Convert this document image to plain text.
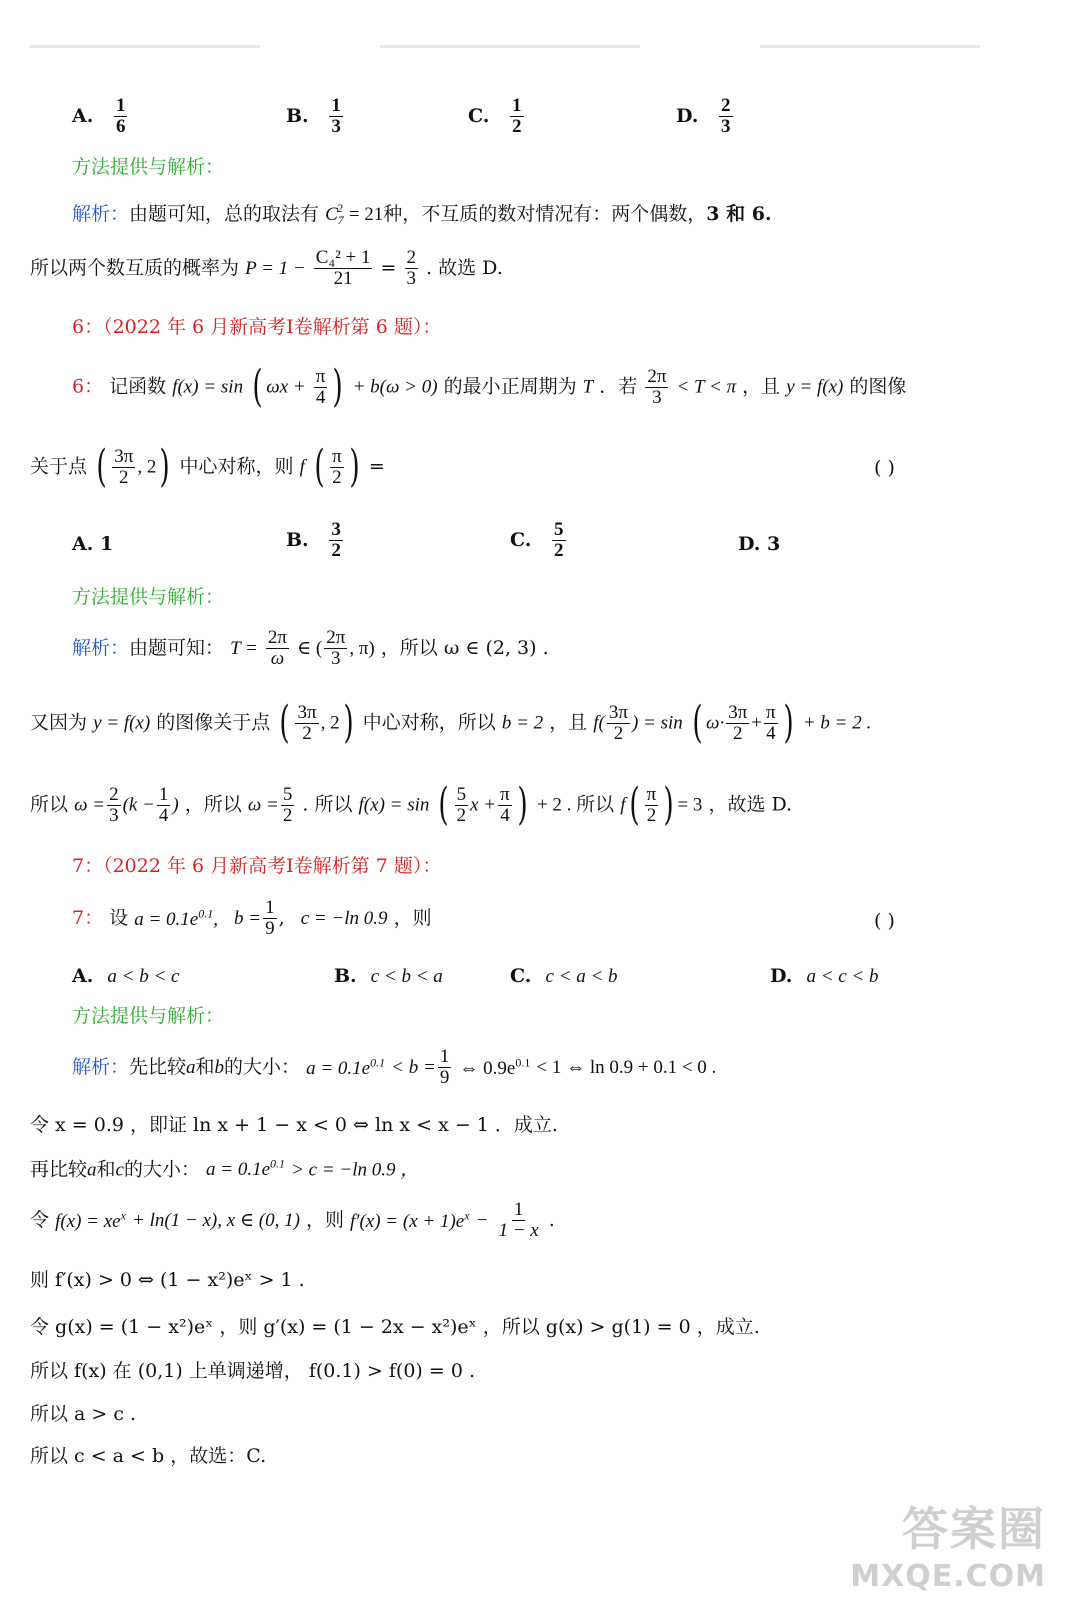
A. $\frac{1}{6}$	B. $\frac{1}{3}$	C. $\frac{1}{2}$	D. $\frac{2}{3}$
方法提供与解析：
解析：由题可知，总的取法有 $C_7^2 = 21$种，不互质的数对情况有：两个偶数，3 和 6.
所以两个数互质的概率为 $P = 1 - \frac{\text{C₄² + 1}}{21} = \frac{2}{3}$ . 故选 D.
6：（2022 年 6 月新高考Ⅰ卷解析第 6 题）：
6： 记函数 f(x) = sin ( $\omega x + \frac{\pi}{4}$ ) + b(ω > 0) 的最小正周期为 T ．若 $\frac{2\pi}{3} < T < \pi$ ，且 y = f(x) 的图像
关于点 ( $\frac{3\pi}{2}$ , 2) 中心对称，则 f ( $\frac{\pi}{2}$ ) =	( )
A. 1	B. $\frac{3}{2}$	C. $\frac{5}{2}$	D. 3
方法提供与解析：
解析：由题可知： $T = \frac{2\pi}{\omega}$ ∈ ( $\frac{2\pi}{3}$ , π) ，所以 ω ∈ (2, 3) .
又因为 y = f(x) 的图像关于点 ( $\frac{3\pi}{2}$ , 2) 中心对称，所以 b = 2 ，且 $f( \frac{3\pi}{2}$ ) = sin ( $\omega\cdot \frac{3\pi}{2} + \frac{\pi}{4}$ ) + b = 2 .
所以 $\omega = \frac{2}{3} (k - \frac{1}{4}$ ) ，所以 $\omega = \frac{5}{2}$ . 所以 f(x) = sin ( $\frac{5}{2}$ $x + \frac{\pi}{4}$ ) + 2 . 所以 $f( \frac{\pi}{2}$ ) = 3 ，故选 D.
7：（2022 年 6 月新高考Ⅰ卷解析第 7 题）：
7： 设 $a = 0.1e^{0.1}$, $b = \frac{1}{9}$ , c = −ln 0.9 ，则	( )
A. a < b < c	B. c < b < a	C. c < a < b	D. a < c < b
方法提供与解析：
解析：先比较a和b的大小： $a = 0.1e^{0.1} < b = \frac{1}{9}$ ⇔ $0.9e^{0.1} < 1$ ⇔ ln 0.9 + 0.1 < 0 .
令 x = 0.9 ，即证 ln x + 1 − x < 0 ⇔ ln x < x − 1 ．成立.
再比较a和c的大小： $a = 0.1e^{0.1} > c = -\ln$ 0.9 ，
令 $f(x) = xe^x + \ln(1 - x)$, x ∈ (0, 1) ，则 $f'(x) = (x + 1)e^x - \frac{1}{1 - x}$ .
则 f′(x) > 0 ⇔ (1 − x²)eˣ > 1 .
令 g(x) = (1 − x²)eˣ ，则 g′(x) = (1 − 2x − x²)eˣ ，所以 g(x) > g(1) = 0 ，成立.
所以 f(x) 在 (0,1) 上单调递增， f(0.1) > f(0) = 0 .
所以 a > c .
所以 c < a < b ，故选：C.
答案圈
MXQE.COM
